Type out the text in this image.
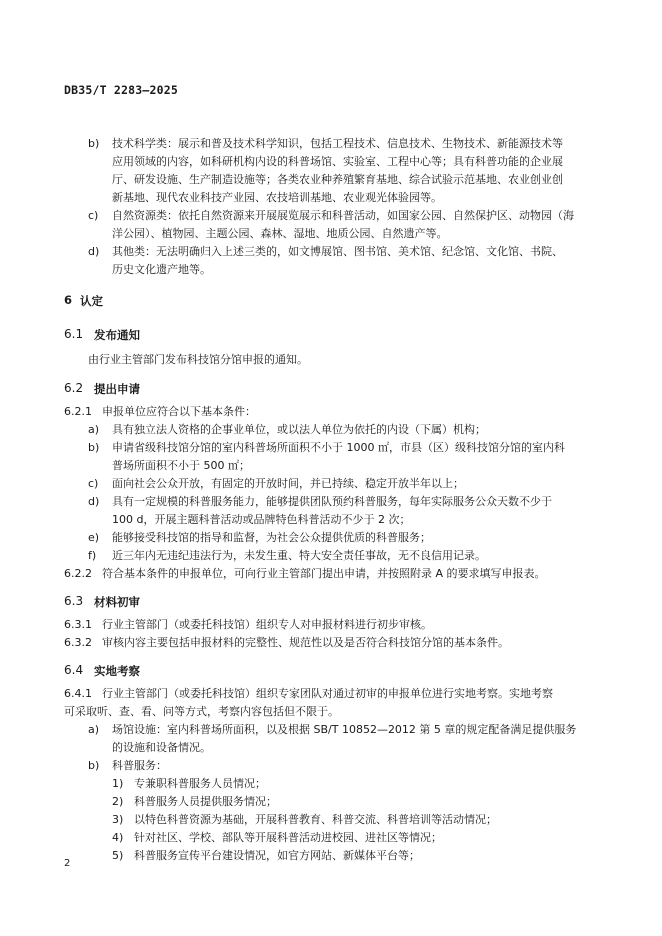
DB35/T 2283—2025
b) 技术科学类：展示和普及技术科学知识，包括工程技术、信息技术、生物技术、新能源技术等
应用领域的内容，如科研机构内设的科普场馆、实验室、工程中心等；具有科普功能的企业展
厅、研发设施、生产制造设施等；各类农业种养殖繁育基地、综合试验示范基地、农业创业创
新基地、现代农业科技产业园、农技培训基地、农业观光体验园等。
c) 自然资源类：依托自然资源来开展展览展示和科普活动，如国家公园、自然保护区、动物园（海
洋公园）、植物园、主题公园、森林、湿地、地质公园、自然遗产等。
d) 其他类：无法明确归入上述三类的，如文博展馆、图书馆、美术馆、纪念馆、文化馆、书院、
历史文化遗产地等。
6 认定
6.1 发布通知
由行业主管部门发布科技馆分馆申报的通知。
6.2 提出申请
6.2.1 申报单位应符合以下基本条件：
a) 具有独立法人资格的企事业单位，或以法人单位为依托的内设（下属）机构；
b) 申请省级科技馆分馆的室内科普场所面积不小于 1000 ㎡，市县（区）级科技馆分馆的室内科
普场所面积不小于 500 ㎡；
c) 面向社会公众开放，有固定的开放时间，并已持续、稳定开放半年以上；
d) 具有一定规模的科普服务能力，能够提供团队预约科普服务，每年实际服务公众天数不少于
100 d，开展主题科普活动或品牌特色科普活动不少于 2 次；
e) 能够接受科技馆的指导和监督，为社会公众提供优质的科普服务；
f) 近三年内无违纪违法行为，未发生重、特大安全责任事故，无不良信用记录。
6.2.2 符合基本条件的申报单位，可向行业主管部门提出申请，并按照附录 A 的要求填写申报表。
6.3 材料初审
6.3.1 行业主管部门（或委托科技馆）组织专人对申报材料进行初步审核。
6.3.2 审核内容主要包括申报材料的完整性、规范性以及是否符合科技馆分馆的基本条件。
6.4 实地考察
6.4.1 行业主管部门（或委托科技馆）组织专家团队对通过初审的申报单位进行实地考察。实地考察
可采取听、查、看、问等方式，考察内容包括但不限于。
a) 场馆设施：室内科普场所面积，以及根据 SB/T 10852—2012 第 5 章的规定配备满足提供服务
的设施和设备情况。
b) 科普服务：
1) 专兼职科普服务人员情况；
2) 科普服务人员提供服务情况；
3) 以特色科普资源为基础，开展科普教育、科普交流、科普培训等活动情况；
4) 针对社区、学校、部队等开展科普活动进校园、进社区等情况；
5) 科普服务宣传平台建设情况，如官方网站、新媒体平台等；
2
